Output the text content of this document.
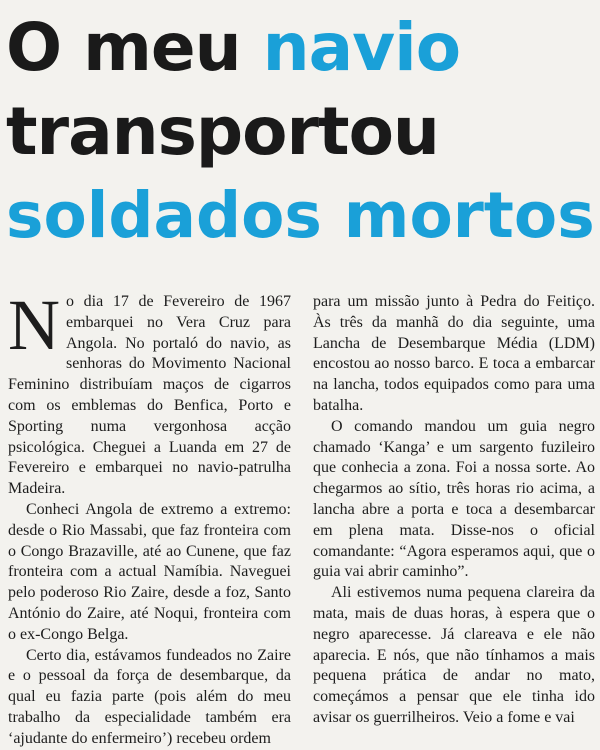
O meu navio
transportou
soldados mortos

No dia 17 de Fevereiro de 1967 embarquei no Vera Cruz para Angola. No portaló do navio, as senhoras do Movimento Nacional Feminino distribuíam maços de cigarros com os emblemas do Benfica, Porto e Sporting numa vergonhosa acção psicológica. Cheguei a Luanda em 27 de Fevereiro e embarquei no navio-patrulha Madeira.

Conheci Angola de extremo a extremo: desde o Rio Massabi, que faz fronteira com o Congo Brazaville, até ao Cunene, que faz fronteira com a actual Namíbia. Naveguei pelo poderoso Rio Zaire, desde a foz, Santo António do Zaire, até Noqui, fronteira com o ex-Congo Belga.

Certo dia, estávamos fundeados no Zaire e o pessoal da força de desembarque, da qual eu fazia parte (pois além do meu trabalho da especialidade também era ‘ajudante do enfermeiro’) recebeu ordem

para um missão junto à Pedra do Feitiço. Às três da manhã do dia seguinte, uma Lancha de Desembarque Média (LDM) encostou ao nosso barco. E toca a embarcar na lancha, todos equipados como para uma batalha.

O comando mandou um guia negro chamado ‘Kanga’ e um sargento fuzileiro que conhecia a zona. Foi a nossa sorte. Ao chegarmos ao sítio, três horas rio acima, a lancha abre a porta e toca a desembarcar em plena mata. Disse-nos o oficial comandante: “Agora esperamos aqui, que o guia vai abrir caminho”.

Ali estivemos numa pequena clareira da mata, mais de duas horas, à espera que o negro aparecesse. Já clareava e ele não aparecia. E nós, que não tínhamos a mais pequena prática de andar no mato, começámos a pensar que ele tinha ido avisar os guerrilheiros. Veio a fome e vai
